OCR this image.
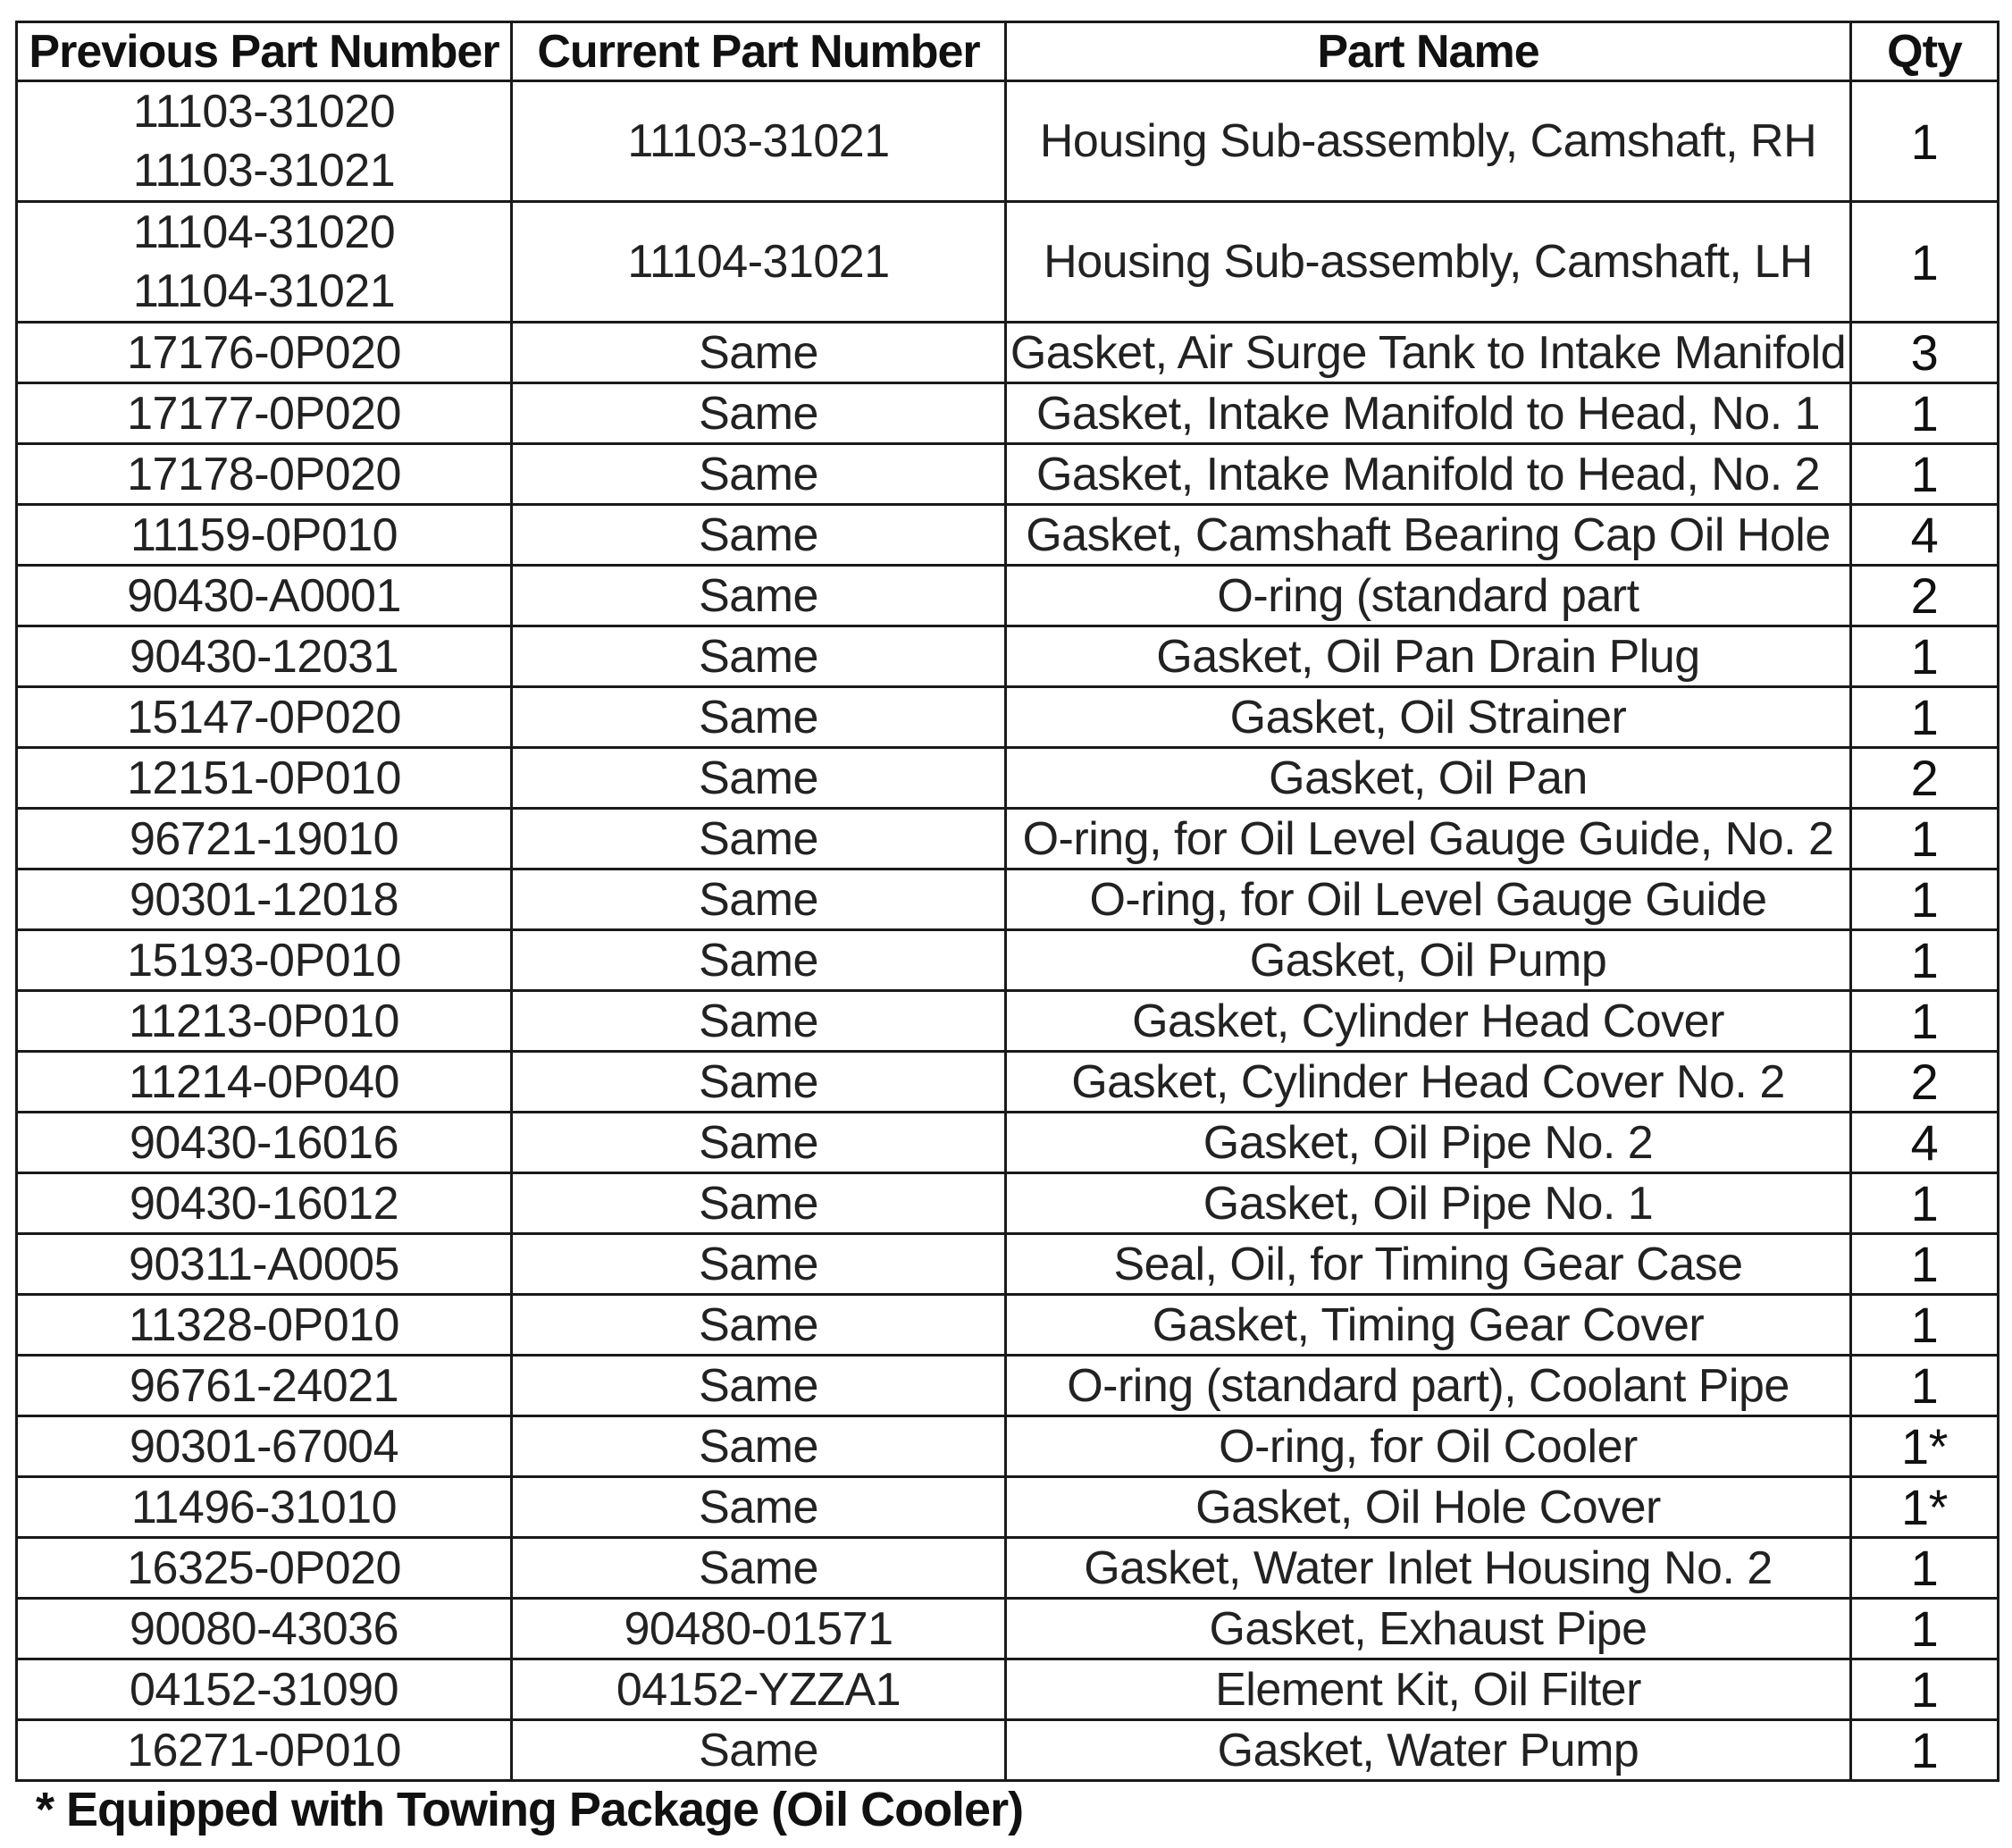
Previous Part Number	Current Part Number	Part Name	Qty

11103-31020
11103-31021	11103-31021	Housing Sub-assembly, Camshaft, RH	1

11104-31020
11104-31021	11104-31021	Housing Sub-assembly, Camshaft, LH	1
17176-0P020	Same	Gasket, Air Surge Tank to Intake Manifold	3
17177-0P020	Same	Gasket, Intake Manifold to Head, No. 1	1
17178-0P020	Same	Gasket, Intake Manifold to Head, No. 2	1
11159-0P010	Same	Gasket, Camshaft Bearing Cap Oil Hole	4
90430-A0001	Same	O-ring (standard part	2
90430-12031	Same	Gasket, Oil Pan Drain Plug	1
15147-0P020	Same	Gasket, Oil Strainer	1
12151-0P010	Same	Gasket, Oil Pan	2
96721-19010	Same	O-ring, for Oil Level Gauge Guide, No. 2	1
90301-12018	Same	O-ring, for Oil Level Gauge Guide	1
15193-0P010	Same	Gasket, Oil Pump	1
11213-0P010	Same	Gasket, Cylinder Head Cover	1
11214-0P040	Same	Gasket, Cylinder Head Cover No. 2	2
90430-16016	Same	Gasket, Oil Pipe No. 2	4
90430-16012	Same	Gasket, Oil Pipe No. 1	1
90311-A0005	Same	Seal, Oil, for Timing Gear Case	1
11328-0P010	Same	Gasket, Timing Gear Cover	1
96761-24021	Same	O-ring (standard part), Coolant Pipe	1
90301-67004	Same	O-ring, for Oil Cooler	1*
11496-31010	Same	Gasket, Oil Hole Cover	1*
16325-0P020	Same	Gasket, Water Inlet Housing No. 2	1
90080-43036	90480-01571	Gasket, Exhaust Pipe	1
04152-31090	04152-YZZA1	Element Kit, Oil Filter	1
16271-0P010	Same	Gasket, Water Pump	1
* Equipped with Towing Package (Oil Cooler)
